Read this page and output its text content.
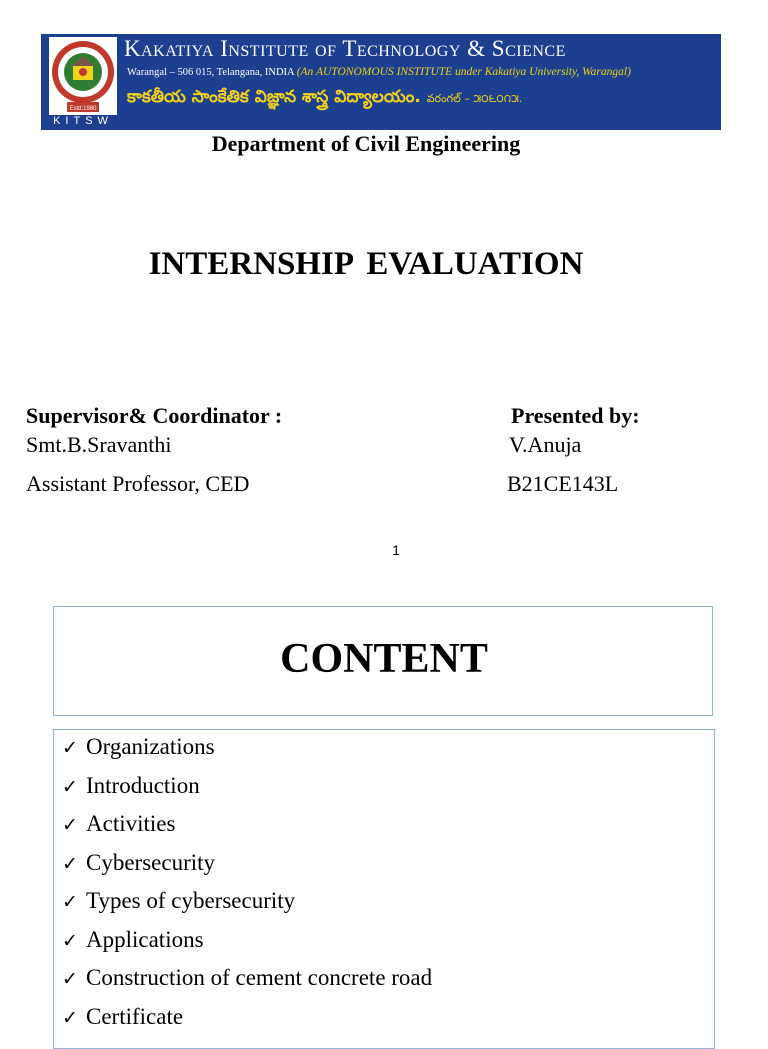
Estd:1980
KITSW
Kakatiya Institute of Technology & Science
Warangal – 506 015, Telangana, INDIA (An AUTONOMOUS INSTITUTE under Kakatiya University, Warangal)
కాకతీయ సాంకేతిక విజ్ఞాన శాస్త్ర విద్యాలయం. వరంగల్ – ౫౦౬౦౧౫.
Department of Civil Engineering
INTERNSHIP EVALUATION
Supervisor& Coordinator :
Smt.B.Sravanthi
Assistant Professor, CED
Presented by:
V.Anuja
B21CE143L
1
CONTENT
✓ Organizations
✓ Introduction
✓ Activities
✓ Cybersecurity
✓ Types of cybersecurity
✓ Applications
✓ Construction of cement concrete road
✓ Certificate
